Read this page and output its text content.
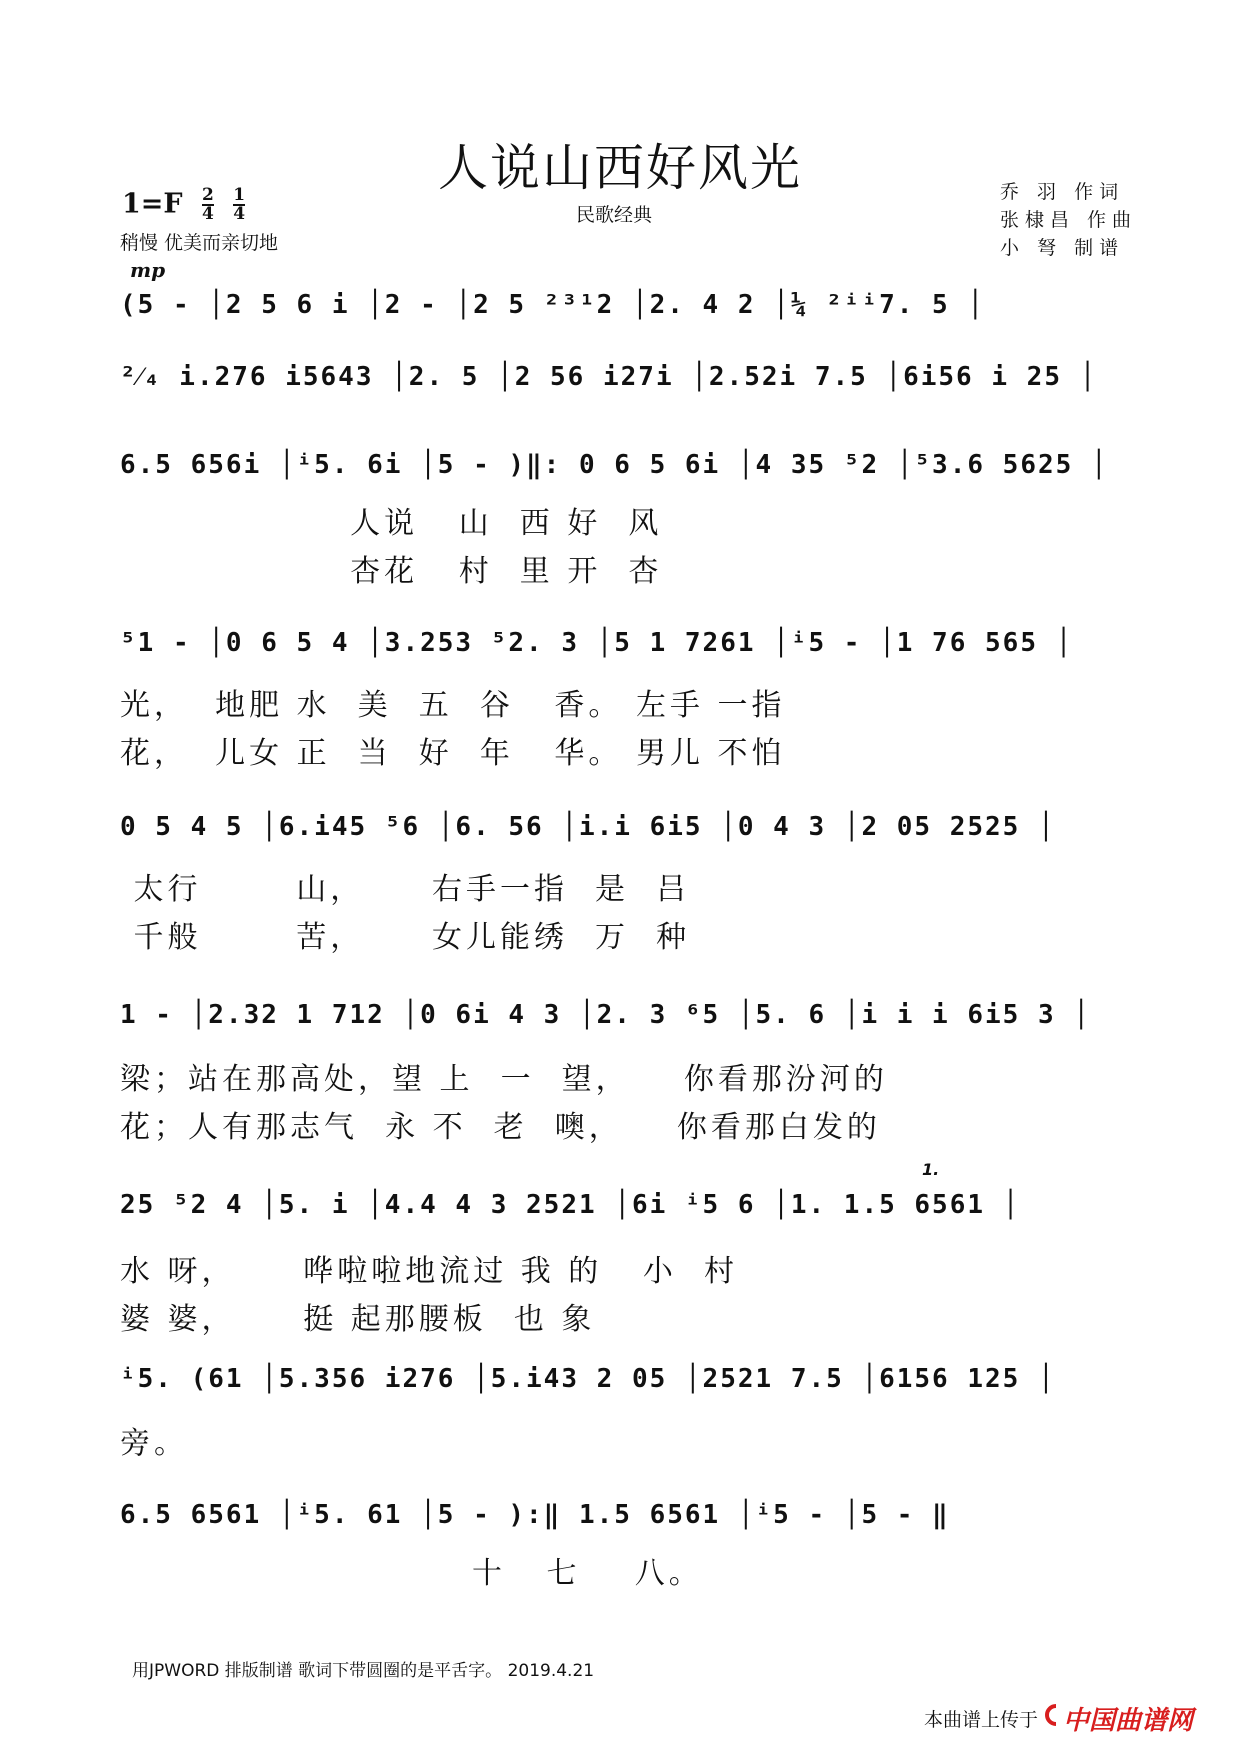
人说山西好风光
民歌经典
乔 羽 作词
张棣昌 作曲
小 弩 制谱
$1=F \frac{2}{4}$
$\frac{1}{4}$
稍慢 优美而亲切地
mp
(5 - │2 5 6 i │2 - │2 5 ²³¹2 │2. 4 2 │¼ ²ⁱⁱ7. 5 │
²⁄₄ i.276 i5643 │2. 5 │2 56 i27i │2.52i 7.5 │6i56 i 25 │
6.5 656i │ⁱ5. 6i │5 - )‖: 0 6 5 6i │4 35 ⁵2 │⁵3.6 5625 │
人说   山  西 好  风
杏花   村  里 开  杏
⁵1 - │0 6 5 4 │3.253 ⁵2. 3 │5 1 7261 │ⁱ5 - │1 76 565 │
光，  地肥 水  美  五  谷   香。 左手 一指
花，  儿女 正  当  好  年   华。 男儿 不怕
0 5 4 5 │6.i45 ⁵6 │6. 56 │i.i 6i5 │0 4 3 │2 05 2525 │
太行       山，     右手一指  是  吕
千般       苦，     女儿能绣  万  种
1 - │2.32 1 712 │0 6i 4 3 │2. 3 ⁶5 │5. 6 │i i i 6i5 3 │
梁；站在那高处，望 上  一  望，    你看那汾河的
花；人有那志气  永 不  老  噢，    你看那白发的
25 ⁵2 4 │5. i │4.4 4 3 2521 │6i ⁱ5 6 │1. 1.5 6561 │
1.
水 呀，     哗啦啦地流过 我 的   小  村
婆 婆，     挺 起那腰板  也 象
ⁱ5. (61 │5.356 i276 │5.i43 2 05 │2521 7.5 │6156 125 │
旁。
6.5 6561 │ⁱ5. 61 │5 - ):‖ 1.5 6561 │ⁱ5 - │5 - ‖
十   七    八。
用JPWORD 排版制谱 歌词下带圆圈的是平舌字。 2019.4.21
本曲谱上传于 中国曲谱网
